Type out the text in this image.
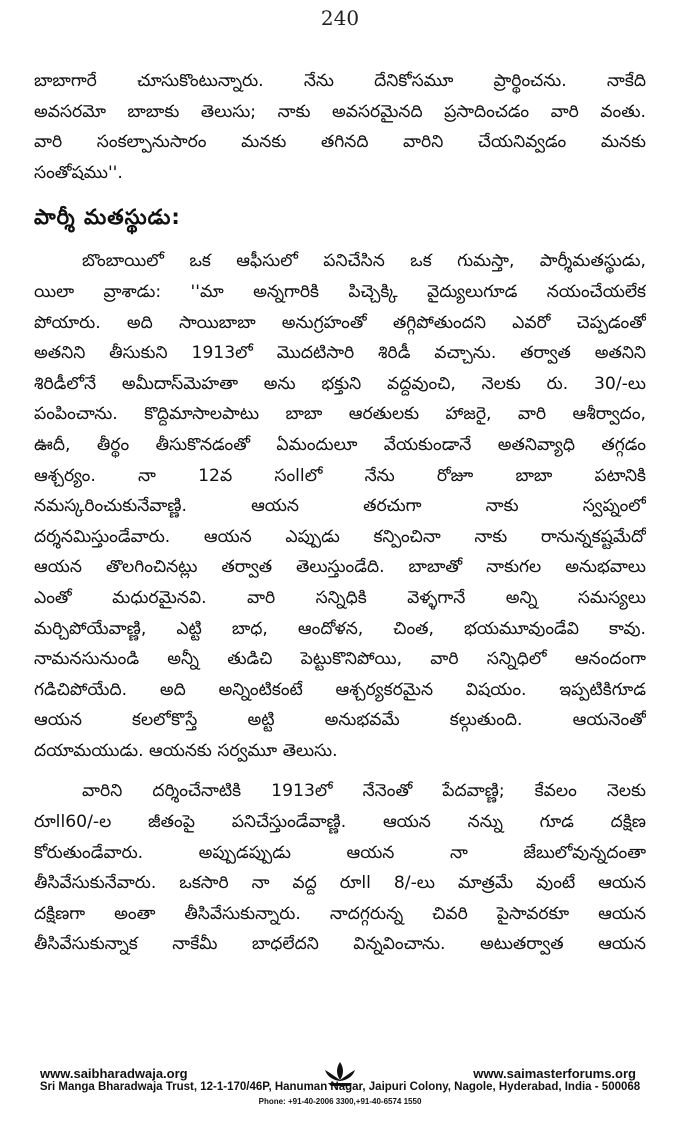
240
బాబాగారే చూసుకొంటున్నారు. నేను దేనికోసమూ ప్రార్థించను. నాకేది
అవసరమో బాబాకు తెలుసు; నాకు అవసరమైనది ప్రసాదించడం వారి వంతు.
వారి సంకల్పానుసారం మనకు తగినది వారిని చేయనివ్వడం మనకు
సంతోషము''.
పార్శీ మతస్థుడు:
బొంబాయిలో ఒక ఆఫీసులో పనిచేసిన ఒక గుమస్తా, పార్శీమతస్థుడు,
యిలా వ్రాశాడు: ''మా అన్నగారికి పిచ్చెక్కి వైద్యులుగూడ నయంచేయలేక
పోయారు. అది సాయిబాబా అనుగ్రహంతో తగ్గిపోతుందని ఎవరో చెప్పడంతో
అతనిని తీసుకుని 1913లో మొదటిసారి శిరిడీ వచ్చాను. తర్వాత అతనిని
శిరిడీలోనే అమీదాస్‌మెహతా అను భక్తుని వద్దవుంచి, నెలకు రు. 30/-లు
పంపించాను. కొద్దిమాసాలపాటు బాబా ఆరతులకు హాజరై, వారి ఆశీర్వాదం,
ఊదీ, తీర్థం తీసుకొనడంతో ఏమందులూ వేయకుండానే అతనివ్యాధి తగ్గడం
ఆశ్చర్యం. నా 12వ సంllలో నేను రోజూ బాబా పటానికి
నమస్కరించుకునేవాణ్ణి. ఆయన తరచుగా నాకు స్వప్నంలో
దర్శనమిస్తుండేవారు. ఆయన ఎప్పుడు కన్పించినా నాకు రానున్నకష్టమేదో
ఆయన తొలగించినట్లు తర్వాత తెలుస్తుండేది. బాబాతో నాకుగల అనుభవాలు
ఎంతో మధురమైనవి. వారి సన్నిధికి వెళ్ళగానే అన్ని సమస్యలు
మర్చిపోయేవాణ్ణి, ఎట్టి బాధ, ఆందోళన, చింత, భయమూవుండేవి కావు.
నామనసునుండి అన్నీ తుడిచి పెట్టుకొనిపోయి, వారి సన్నిధిలో ఆనందంగా
గడిచిపోయేది. అది అన్నింటికంటే ఆశ్చర్యకరమైన విషయం. ఇప్పటికిగూడ
ఆయన కలలోకొస్తే అట్టి అనుభవమే కల్గుతుంది. ఆయనెంతో
దయామయుడు. ఆయనకు సర్వమూ తెలుసు.
వారిని దర్శించేనాటికి 1913లో నేనెంతో పేదవాణ్ణి; కేవలం నెలకు
రూll60/-ల జీతంపై పనిచేస్తుండేవాణ్ణి. ఆయన నన్ను గూడ దక్షిణ
కోరుతుండేవారు. అప్పుడప్పుడు ఆయన నా జేబులోవున్నదంతా
తీసివేసుకునేవారు. ఒకసారి నా వద్ద రూll 8/-లు మాత్రమే వుంటే ఆయన
దక్షిణగా అంతా తీసివేసుకున్నారు. నాదగ్గరున్న చివరి పైసావరకూ ఆయన
తీసివేసుకున్నాక నాకేమీ బాధలేదని విన్నవించాను. అటుతర్వాత ఆయన
www.saibharadwaja.org	www.saimasterforums.org
Sri Manga Bharadwaja Trust, 12-1-170/46P, Hanuman Nagar, Jaipuri Colony, Nagole, Hyderabad, India - 500068
Phone: +91-40-2006 3300,+91-40-6574 1550
